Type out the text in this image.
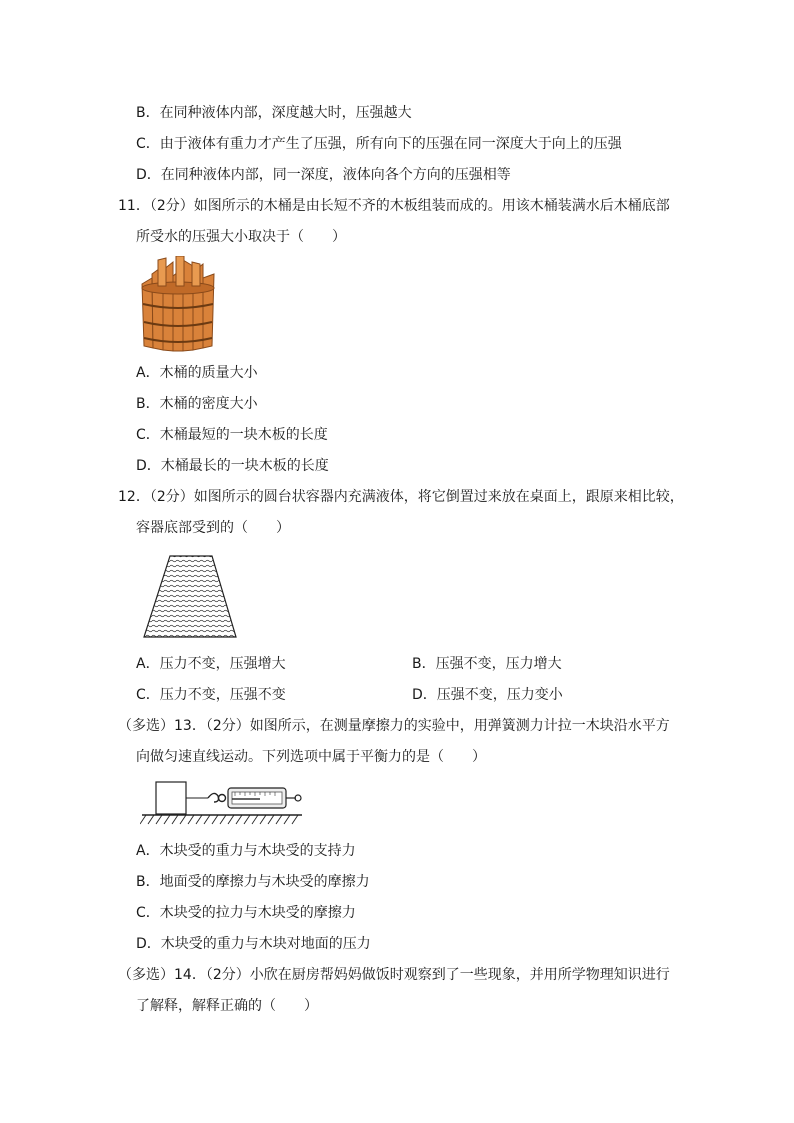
B．在同种液体内部，深度越大时，压强越大
C．由于液体有重力才产生了压强，所有向下的压强在同一深度大于向上的压强
D．在同种液体内部，同一深度，液体向各个方向的压强相等
11．（2分）如图所示的木桶是由长短不齐的木板组装而成的。用该木桶装满水后木桶底部
所受水的压强大小取决于（　　）
A．木桶的质量大小
B．木桶的密度大小
C．木桶最短的一块木板的长度
D．木桶最长的一块木板的长度
12．（2分）如图所示的圆台状容器内充满液体，将它倒置过来放在桌面上，跟原来相比较，
容器底部受到的（　　）
A．压力不变，压强增大	B．压强不变，压力增大
C．压力不变，压强不变	D．压强不变，压力变小
（多选）13．（2分）如图所示，在测量摩擦力的实验中，用弹簧测力计拉一木块沿水平方
向做匀速直线运动。下列选项中属于平衡力的是（　　）
A．木块受的重力与木块受的支持力
B．地面受的摩擦力与木块受的摩擦力
C．木块受的拉力与木块受的摩擦力
D．木块受的重力与木块对地面的压力
（多选）14．（2分）小欣在厨房帮妈妈做饭时观察到了一些现象，并用所学物理知识进行
了解释，解释正确的（　　）
